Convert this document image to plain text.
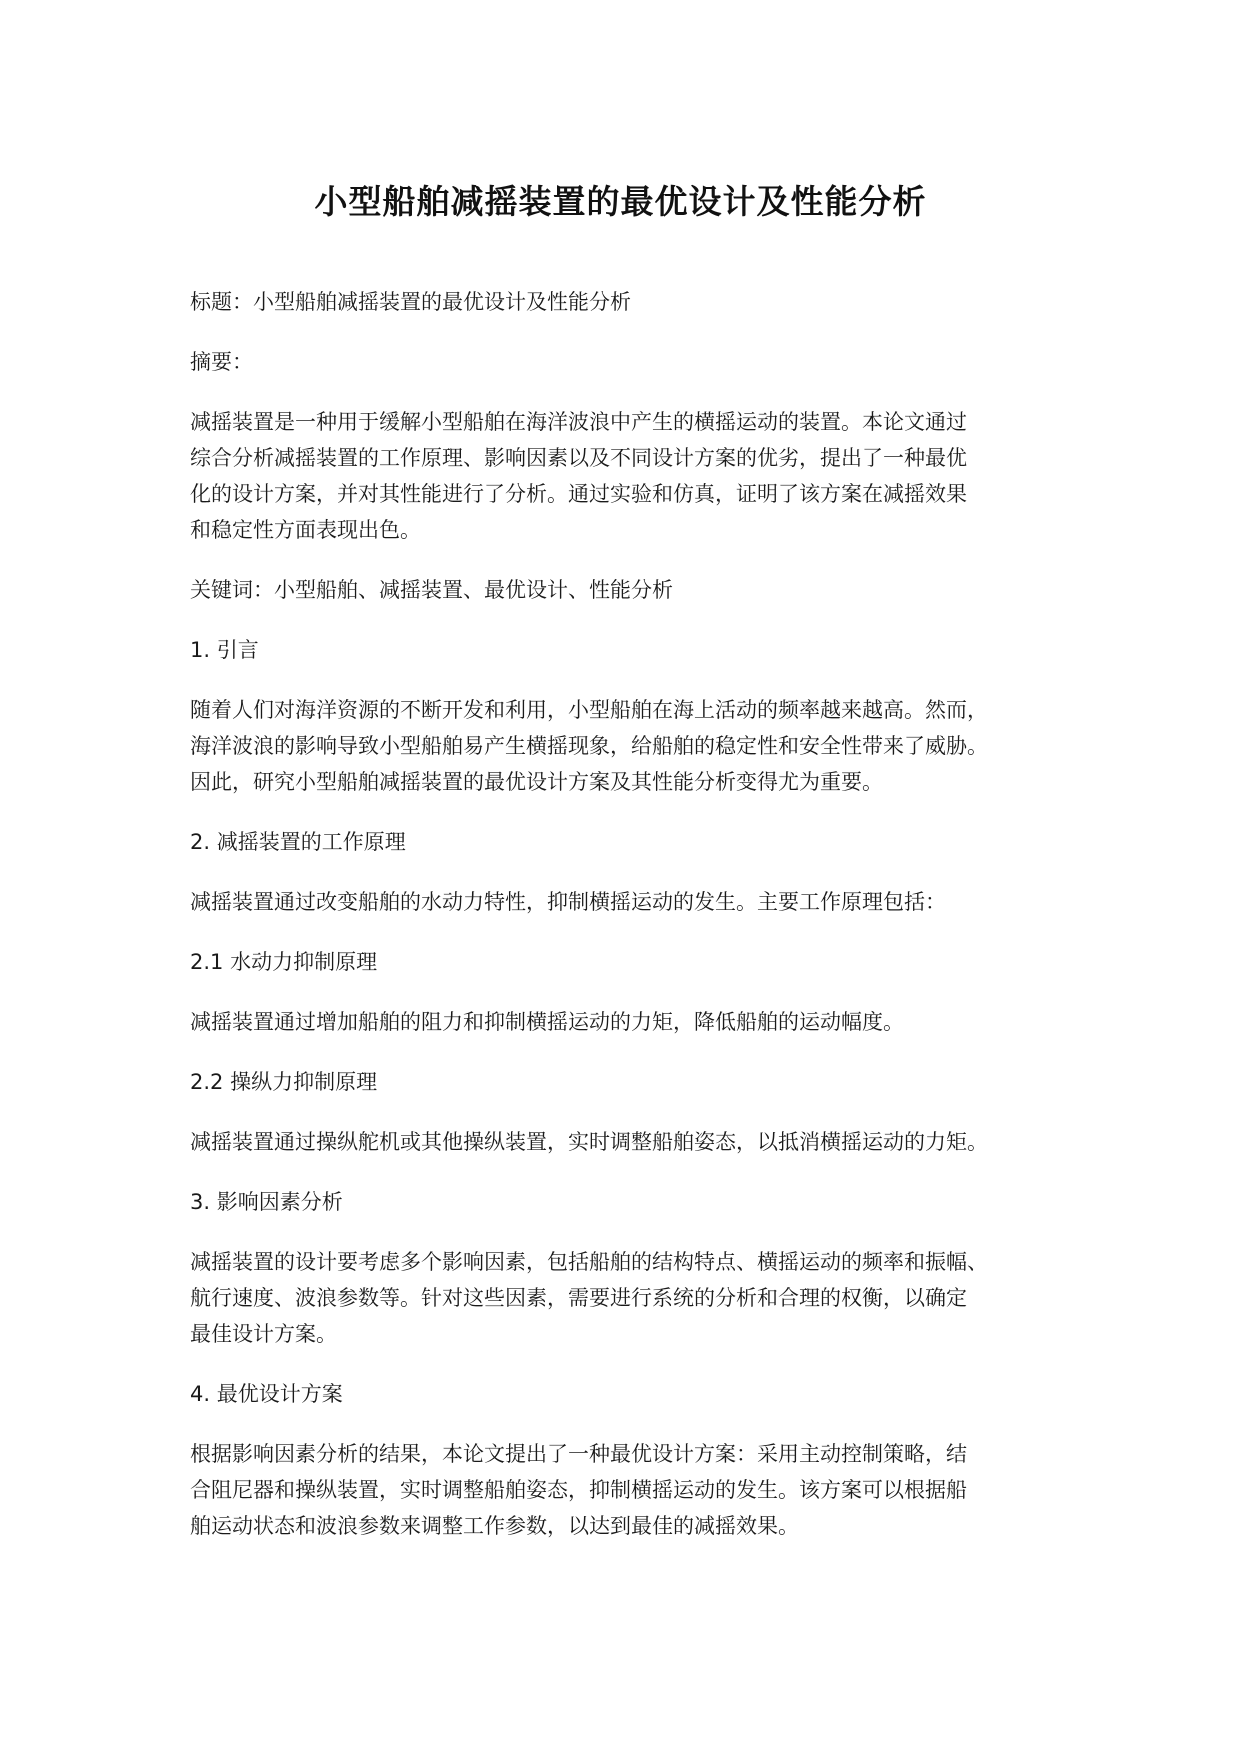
小型船舶减摇装置的最优设计及性能分析

标题：小型船舶减摇装置的最优设计及性能分析

摘要：

减摇装置是一种用于缓解小型船舶在海洋波浪中产生的横摇运动的装置。本论文通过
综合分析减摇装置的工作原理、影响因素以及不同设计方案的优劣，提出了一种最优
化的设计方案，并对其性能进行了分析。通过实验和仿真，证明了该方案在减摇效果
和稳定性方面表现出色。

关键词：小型船舶、减摇装置、最优设计、性能分析

1. 引言

随着人们对海洋资源的不断开发和利用，小型船舶在海上活动的频率越来越高。然而，
海洋波浪的影响导致小型船舶易产生横摇现象，给船舶的稳定性和安全性带来了威胁。
因此，研究小型船舶减摇装置的最优设计方案及其性能分析变得尤为重要。

2. 减摇装置的工作原理

减摇装置通过改变船舶的水动力特性，抑制横摇运动的发生。主要工作原理包括：

2.1 水动力抑制原理

减摇装置通过增加船舶的阻力和抑制横摇运动的力矩，降低船舶的运动幅度。

2.2 操纵力抑制原理

减摇装置通过操纵舵机或其他操纵装置，实时调整船舶姿态，以抵消横摇运动的力矩。

3. 影响因素分析

减摇装置的设计要考虑多个影响因素，包括船舶的结构特点、横摇运动的频率和振幅、
航行速度、波浪参数等。针对这些因素，需要进行系统的分析和合理的权衡，以确定
最佳设计方案。

4. 最优设计方案

根据影响因素分析的结果，本论文提出了一种最优设计方案：采用主动控制策略，结
合阻尼器和操纵装置，实时调整船舶姿态，抑制横摇运动的发生。该方案可以根据船
舶运动状态和波浪参数来调整工作参数，以达到最佳的减摇效果。
